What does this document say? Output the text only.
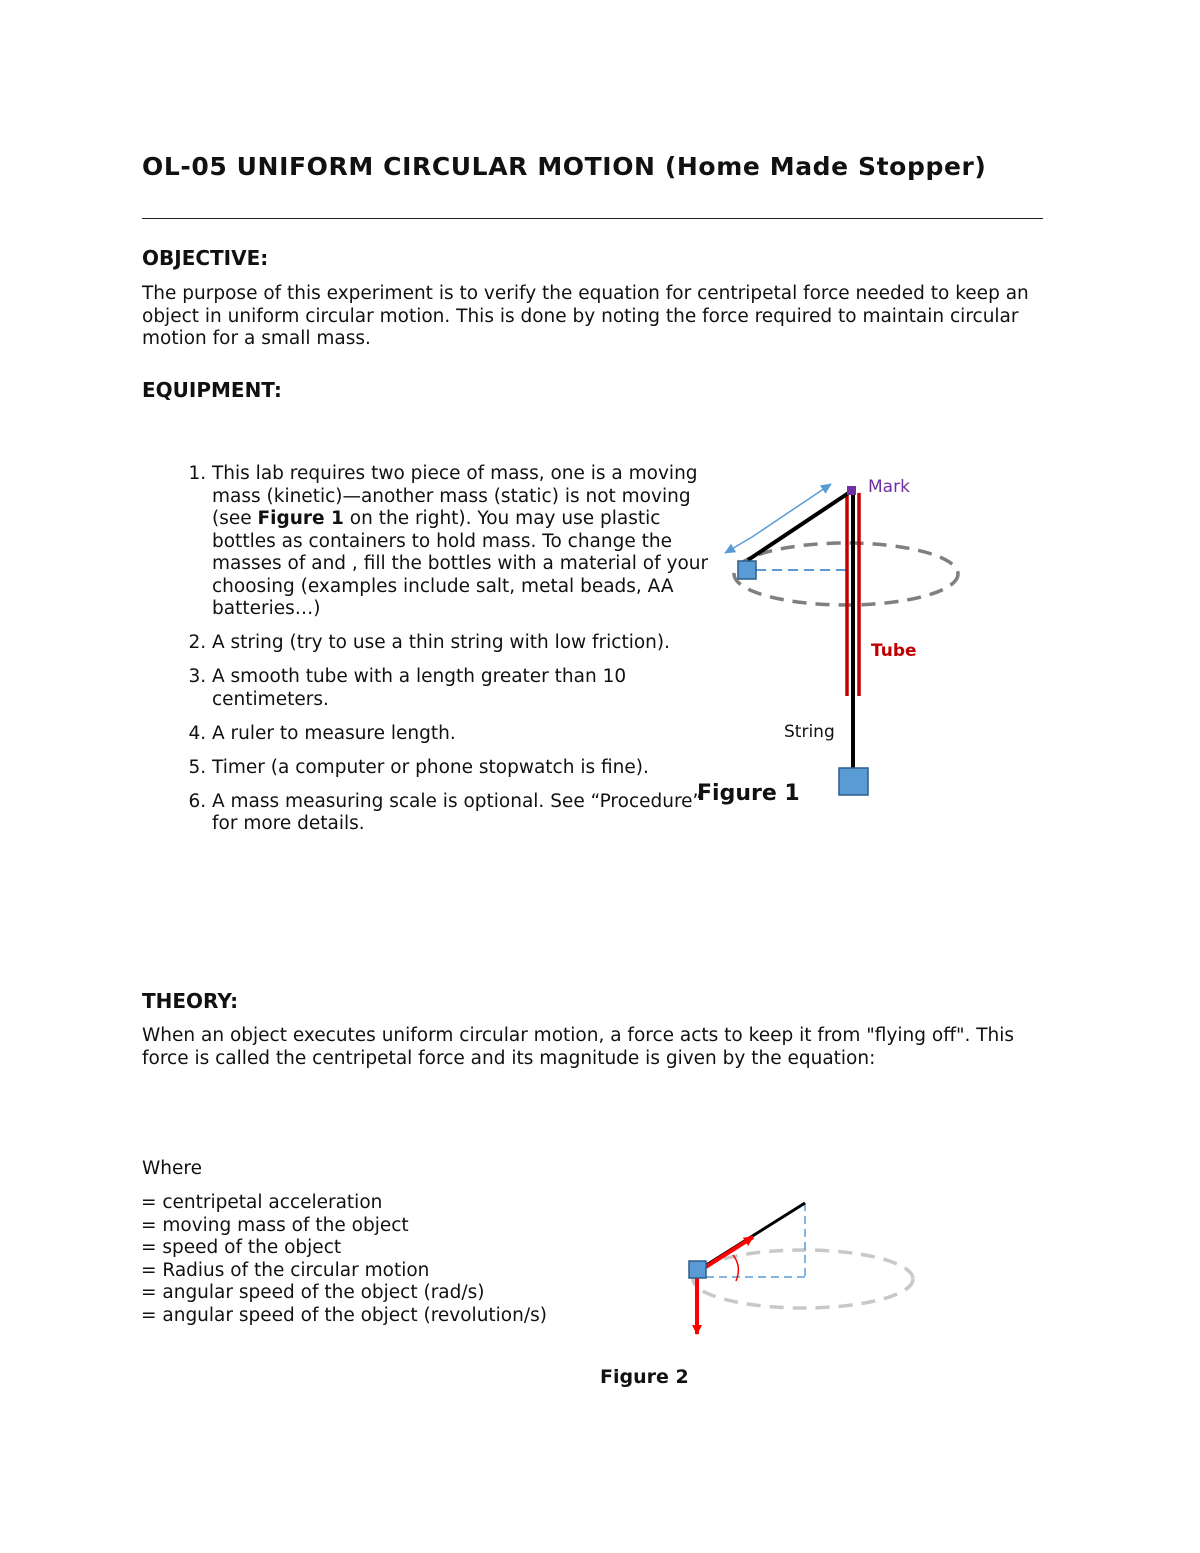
OL-05 UNIFORM CIRCULAR MOTION (Home Made Stopper)
OBJECTIVE:

The purpose of this experiment is to verify the equation for centripetal force needed to keep an object in uniform circular motion. This is done by noting the force required to maintain circular motion for a small mass.

EQUIPMENT:
1. This lab requires two piece of mass, one is a moving mass (kinetic)—another mass (static) is not moving (see Figure 1 on the right). You may use plastic bottles as containers to hold mass. To change the masses of and , fill the bottles with a material of your choosing (examples include salt, metal beads, AA batteries…)
2. A string (try to use a thin string with low friction).
3. A smooth tube with a length greater than 10 centimeters.
4. A ruler to measure length.
5. Timer (a computer or phone stopwatch is fine).
6. A mass measuring scale is optional. See “Procedure” for more details.
Mark
Tube
String
Figure 1
THEORY:

When an object executes uniform circular motion, a force acts to keep it from "flying off". This force is called the centripetal force and its magnitude is given by the equation:

Where
= centripetal acceleration
= moving mass of the object
= speed of the object
= Radius of the circular motion
= angular speed of the object (rad/s)
= angular speed of the object (revolution/s)
Figure 2
